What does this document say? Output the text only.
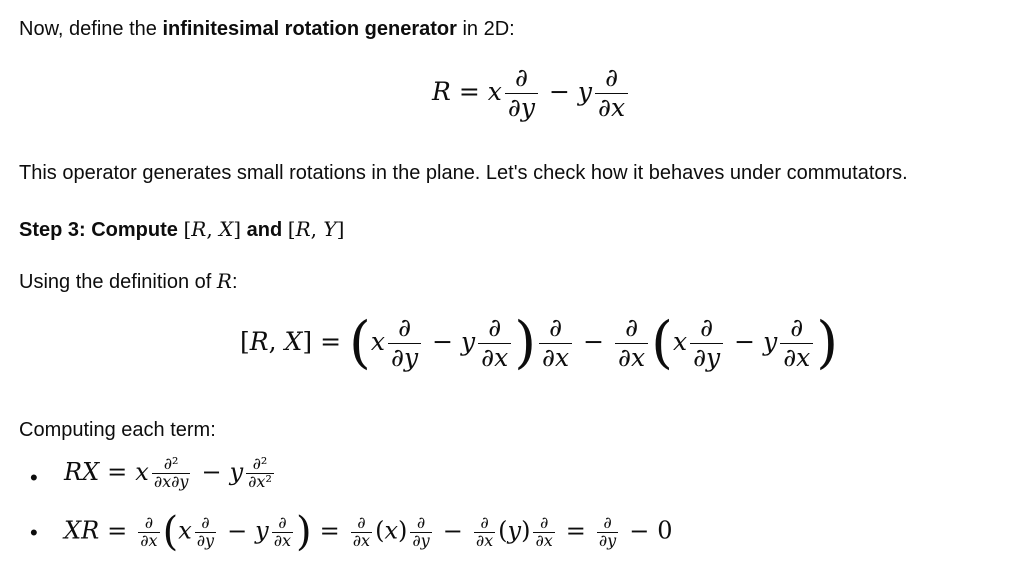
Now, define the infinitesimal rotation generator in 2D:
R = x $\frac{\partial}{\partial y} - y \frac{\partial}{\partial x}$
This operator generates small rotations in the plane. Let's check how it behaves under commutators.
Step 3: Compute [R, X] and [R, Y]
Using the definition of R:
[R, $X] = (x \frac{\partial}{\partial y} - y \frac{\partial}{\partial x}$ ) $\frac{\partial}{\partial x} - \frac{\partial}{\partial x} (x \frac{\partial}{\partial y} - y \frac{\partial}{\partial x}$ )
Computing each term:
• RX = x $\frac{\text{∂²}}{\partial x\partial y} - y \frac{\text{∂²}}{\text{∂x²}}$
• XR = $\frac{\partial}{\partial x} (x \frac{\partial}{\partial y} - y \frac{\partial}{\partial x}$ ) = $\frac{\partial}{\partial x} (x) \frac{\partial}{\partial y} - \frac{\partial}{\partial x} (y) \frac{\partial}{\partial x} = \frac{\partial}{\partial y} - 0$
